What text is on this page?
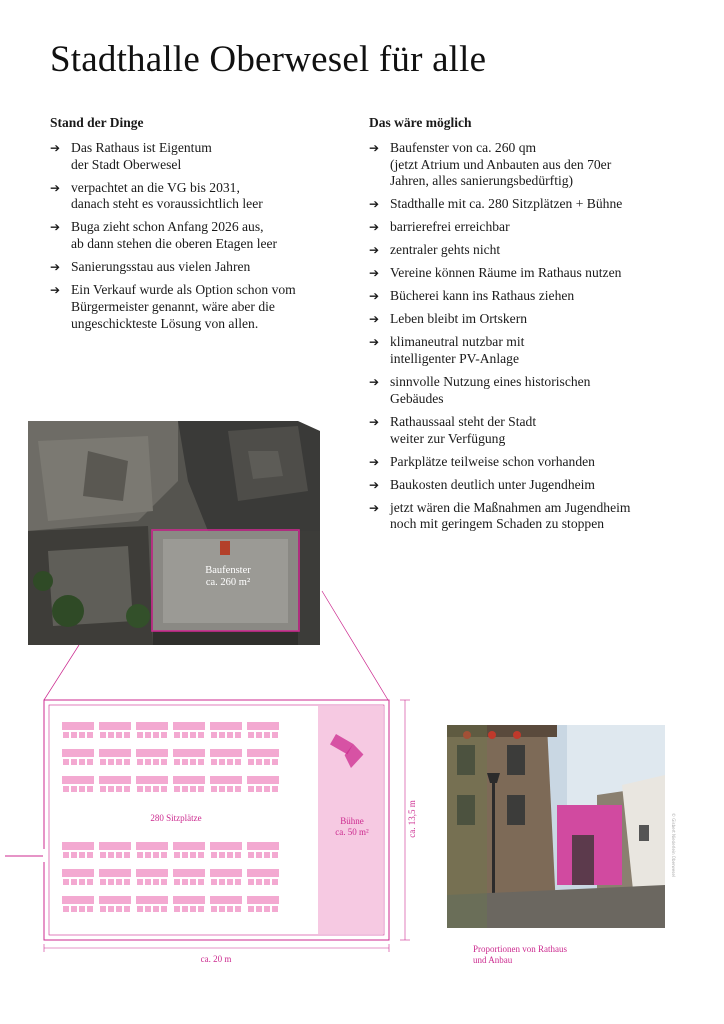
Stadthalle Oberwesel für alle
Stand der Dinge
➔ Das Rathaus ist Eigentum
der Stadt Oberwesel
➔ verpachtet an die VG bis 2031,
danach steht es voraussichtlich leer
➔ Buga zieht schon Anfang 2026 aus,
ab dann stehen die oberen Etagen leer
➔ Sanierungsstau aus vielen Jahren
➔ Ein Verkauf wurde als Option schon vom
Bürgermeister genannt, wäre aber die
ungeschickteste Lösung von allen.
Das wäre möglich
➔ Baufenster von ca. 260 qm
(jetzt Atrium und Anbauten aus den 70er
Jahren, alles sanierungsbedürftig)
➔ Stadthalle mit ca. 280 Sitzplätzen + Bühne
➔ barrierefrei erreichbar
➔ zentraler gehts nicht
➔ Vereine können Räume im Rathaus nutzen
➔ Bücherei kann ins Rathaus ziehen
➔ Leben bleibt im Ortskern
➔ klimaneutral nutzbar mit
intelligenter PV-Anlage
➔ sinnvolle Nutzung eines historischen
Gebäudes
➔ Rathaussaal steht der Stadt
weiter zur Verfügung
➔ Parkplätze teilweise schon vorhanden
➔ Baukosten deutlich unter Jugendheim
➔ jetzt wären die Maßnahmen am Jugendheim
noch mit geringem Schaden zu stoppen
Baufenster
ca. 260 m²
280 Sitzplätze	Bühne
ca. 50 m²
ca. 20 m
ca. 13,5 m	© Gisbert Niederlein Oberwesel
Proportionen von Rathaus
und Anbau
